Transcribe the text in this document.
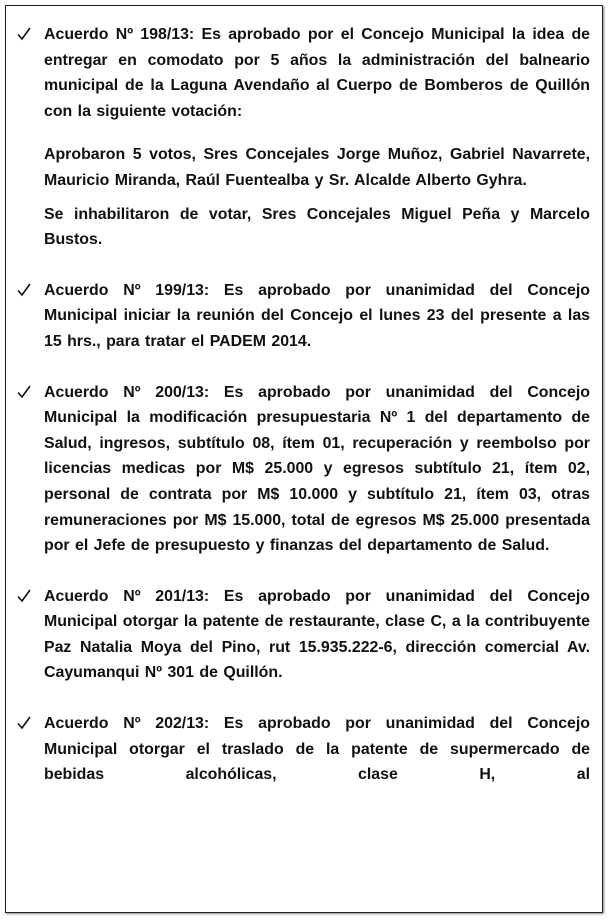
Acuerdo Nº 198/13: Es aprobado por el Concejo Municipal la idea de entregar en comodato por 5 años la administración del balneario municipal de la Laguna Avendaño al Cuerpo de Bomberos de Quillón con la siguiente votación:

Aprobaron 5 votos, Sres Concejales Jorge Muñoz, Gabriel Navarrete, Mauricio Miranda, Raúl Fuentealba y Sr. Alcalde Alberto Gyhra.

Se inhabilitaron de votar, Sres Concejales Miguel Peña y Marcelo Bustos.

Acuerdo Nº 199/13: Es aprobado por unanimidad del Concejo Municipal iniciar la reunión del Concejo el lunes 23 del presente a las 15 hrs., para tratar el PADEM 2014.

Acuerdo Nº 200/13: Es aprobado por unanimidad del Concejo Municipal la modificación presupuestaria Nº 1 del departamento de Salud, ingresos, subtítulo 08, ítem 01, recuperación y reembolso por licencias medicas por M$ 25.000 y egresos subtítulo 21, ítem 02, personal de contrata por M$ 10.000 y subtítulo 21, ítem 03, otras remuneraciones por M$ 15.000, total de egresos M$ 25.000 presentada por el Jefe de presupuesto y finanzas del departamento de Salud.

Acuerdo Nº 201/13: Es aprobado por unanimidad del Concejo Municipal otorgar la patente de restaurante, clase C, a la contribuyente Paz Natalia Moya del Pino, rut 15.935.222-6, dirección comercial Av. Cayumanqui Nº 301 de Quillón.

Acuerdo Nº 202/13: Es aprobado por unanimidad del Concejo Municipal otorgar el traslado de la patente de supermercado de bebidas alcohólicas, clase H, al
